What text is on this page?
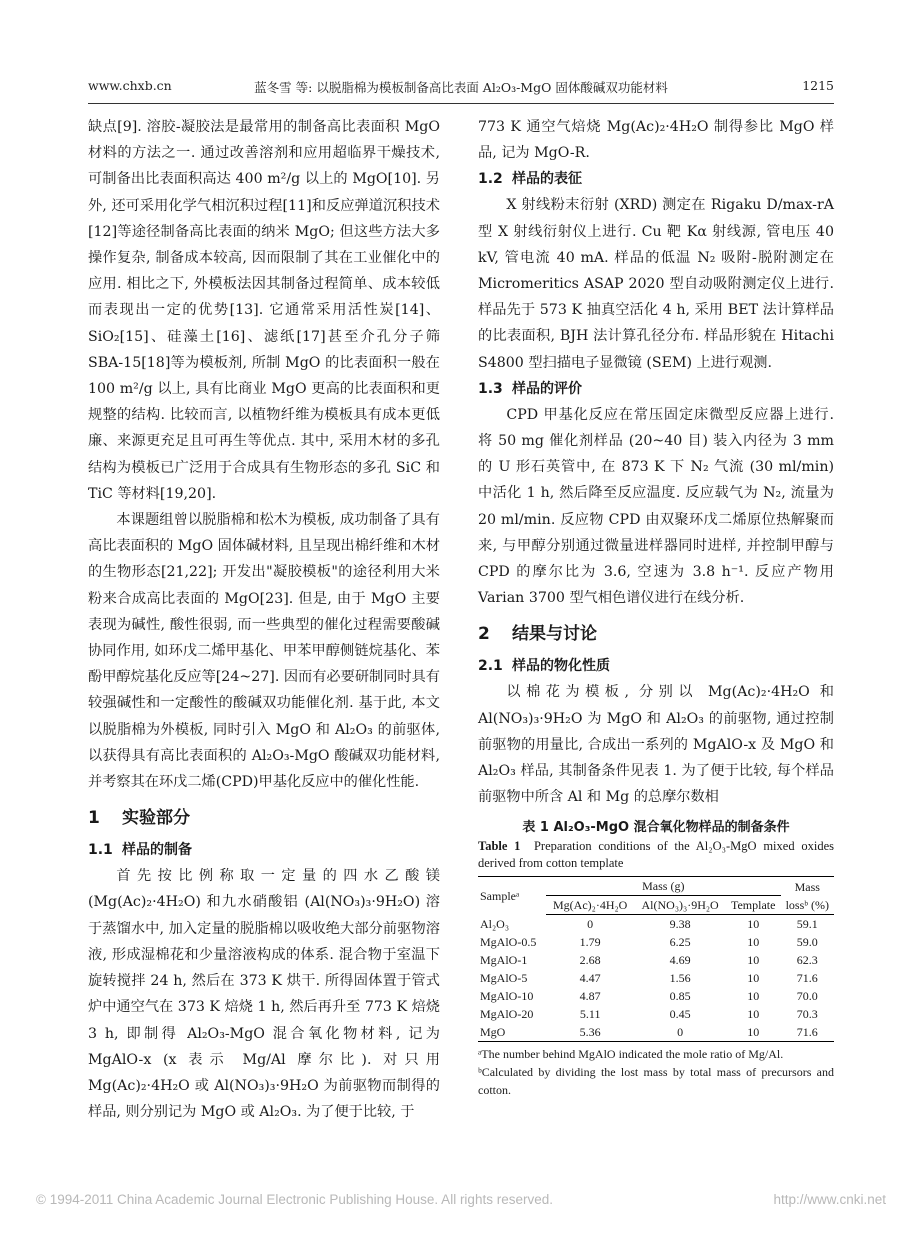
www.chxb.cn	蓝冬雪 等: 以脱脂棉为模板制备高比表面 Al₂O₃-MgO 固体酸碱双功能材料	1215

缺点[9]. 溶胶-凝胶法是最常用的制备高比表面积 MgO 材料的方法之一. 通过改善溶剂和应用超临界干燥技术, 可制备出比表面积高达 400 m²/g 以上的 MgO[10]. 另外, 还可采用化学气相沉积过程[11]和反应弹道沉积技术[12]等途径制备高比表面的纳米 MgO; 但这些方法大多操作复杂, 制备成本较高, 因而限制了其在工业催化中的应用. 相比之下, 外模板法因其制备过程简单、成本较低而表现出一定的优势[13]. 它通常采用活性炭[14]、SiO₂[15]、硅藻土[16]、滤纸[17]甚至介孔分子筛 SBA-15[18]等为模板剂, 所制 MgO 的比表面积一般在 100 m²/g 以上, 具有比商业 MgO 更高的比表面积和更规整的结构. 比较而言, 以植物纤维为模板具有成本更低廉、来源更充足且可再生等优点. 其中, 采用木材的多孔结构为模板已广泛用于合成具有生物形态的多孔 SiC 和 TiC 等材料[19,20].

本课题组曾以脱脂棉和松木为模板, 成功制备了具有高比表面积的 MgO 固体碱材料, 且呈现出棉纤维和木材的生物形态[21,22]; 开发出"凝胶模板"的途径利用大米粉来合成高比表面的 MgO[23]. 但是, 由于 MgO 主要表现为碱性, 酸性很弱, 而一些典型的催化过程需要酸碱协同作用, 如环戊二烯甲基化、甲苯甲醇侧链烷基化、苯酚甲醇烷基化反应等[24~27]. 因而有必要研制同时具有较强碱性和一定酸性的酸碱双功能催化剂. 基于此, 本文以脱脂棉为外模板, 同时引入 MgO 和 Al₂O₃ 的前驱体, 以获得具有高比表面积的 Al₂O₃-MgO 酸碱双功能材料, 并考察其在环戊二烯(CPD)甲基化反应中的催化性能.

1 实验部分
1.1 样品的制备

首先按比例称取一定量的四水乙酸镁 (Mg(Ac)₂·4H₂O) 和九水硝酸铝 (Al(NO₃)₃·9H₂O) 溶于蒸馏水中, 加入定量的脱脂棉以吸收绝大部分前驱物溶液, 形成湿棉花和少量溶液构成的体系. 混合物于室温下旋转搅拌 24 h, 然后在 373 K 烘干. 所得固体置于管式炉中通空气在 373 K 焙烧 1 h, 然后再升至 773 K 焙烧 3 h, 即制得 Al₂O₃-MgO 混合氧化物材料, 记为 MgAlO-x (x 表示 Mg/Al 摩尔比). 对只用 Mg(Ac)₂·4H₂O 或 Al(NO₃)₃·9H₂O 为前驱物而制得的样品, 则分别记为 MgO 或 Al₂O₃. 为了便于比较, 于

773 K 通空气焙烧 Mg(Ac)₂·4H₂O 制得参比 MgO 样品, 记为 MgO-R.

1.2 样品的表征

X 射线粉末衍射 (XRD) 测定在 Rigaku D/max-rA 型 X 射线衍射仪上进行. Cu 靶 Kα 射线源, 管电压 40 kV, 管电流 40 mA. 样品的低温 N₂ 吸附-脱附测定在 Micromeritics ASAP 2020 型自动吸附测定仪上进行. 样品先于 573 K 抽真空活化 4 h, 采用 BET 法计算样品的比表面积, BJH 法计算孔径分布. 样品形貌在 Hitachi S4800 型扫描电子显微镜 (SEM) 上进行观测.

1.3 样品的评价

CPD 甲基化反应在常压固定床微型反应器上进行. 将 50 mg 催化剂样品 (20~40 目) 装入内径为 3 mm 的 U 形石英管中, 在 873 K 下 N₂ 气流 (30 ml/min) 中活化 1 h, 然后降至反应温度. 反应载气为 N₂, 流量为 20 ml/min. 反应物 CPD 由双聚环戊二烯原位热解聚而来, 与甲醇分别通过微量进样器同时进样, 并控制甲醇与 CPD 的摩尔比为 3.6, 空速为 3.8 h⁻¹. 反应产物用 Varian 3700 型气相色谱仪进行在线分析.

2 结果与讨论
2.1 样品的物化性质

以棉花为模板, 分别以 Mg(Ac)₂·4H₂O 和 Al(NO₃)₃·9H₂O 为 MgO 和 Al₂O₃ 的前驱物, 通过控制前驱物的用量比, 合成出一系列的 MgAlO-x 及 MgO 和 Al₂O₃ 样品, 其制备条件见表 1. 为了便于比较, 每个样品前驱物中所含 Al 和 Mg 的总摩尔数相

表 1 Al₂O₃-MgO 混合氧化物样品的制备条件
Table 1 Preparation conditions of the Al₂O₃-MgO mixed oxides derived from cotton template
Sampleᵃ	Mass (g)			Mass
	Mg(Ac)₂·4H₂O	Al(NO₃)₃·9H₂O	Template	lossᵇ (%)
Al₂O₃	0	9.38	10	59.1
MgAlO-0.5	1.79	6.25	10	59.0
MgAlO-1	2.68	4.69	10	62.3
MgAlO-5	4.47	1.56	10	71.6
MgAlO-10	4.87	0.85	10	70.0
MgAlO-20	5.11	0.45	10	70.3
MgO	5.36	0	10	71.6
ᵃThe number behind MgAlO indicated the mole ratio of Mg/Al.
ᵇCalculated by dividing the lost mass by total mass of precursors and cotton.
© 1994-2011 China Academic Journal Electronic Publishing House. All rights reserved.	http://www.cnki.net
